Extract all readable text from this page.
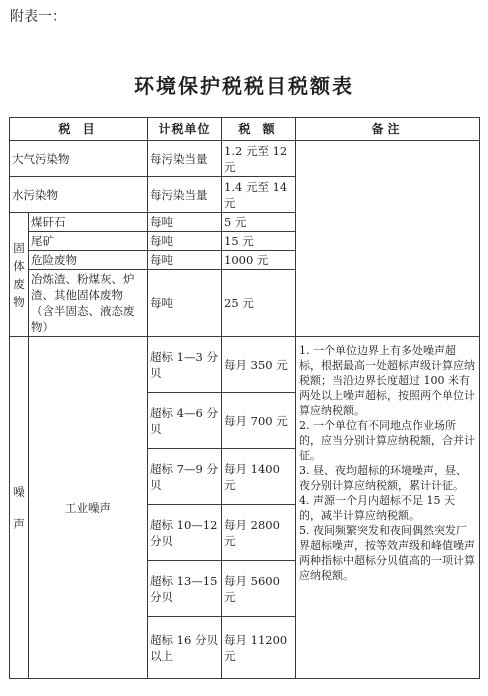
附表一：
环境保护税税目税额表
税 目		计税单位	税 额	备注
大气污染物		每污染当量	1.2 元至 12 元	
水污染物		每污染当量	1.4 元至 14 元	
固体废物	煤矸石	每吨	5 元	
	尾矿	每吨	15 元	
	危险废物	每吨	1000 元	
	冶炼渣、粉煤灰、炉渣、其他固体废物（含半固态、液态废物）	每吨	25 元	
噪声	工业噪声	超标 1—3 分贝	每月 350 元	1. 一个单位边界上有多处噪声超标，根据最高一处超标声级计算应纳税额；当沿边界长度超过 100 米有两处以上噪声超标，按照两个单位计算应纳税额。
2. 一个单位有不同地点作业场所的，应当分别计算应纳税额，合并计征。
3. 昼、夜均超标的环境噪声，昼、夜分别计算应纳税额，累计计征。
4. 声源一个月内超标不足 15 天的，减半计算应纳税额。
5. 夜间频繁突发和夜间偶然突发厂界超标噪声，按等效声级和峰值噪声两种指标中超标分贝值高的一项计算应纳税额。

		超标 4—6 分贝	每月 700 元	
		超标 7—9 分贝	每月 1400 元	
		超标 10—12 分贝	每月 2800 元	
		超标 13—15 分贝	每月 5600 元	
		超标 16 分贝以上	每月 11200 元	
